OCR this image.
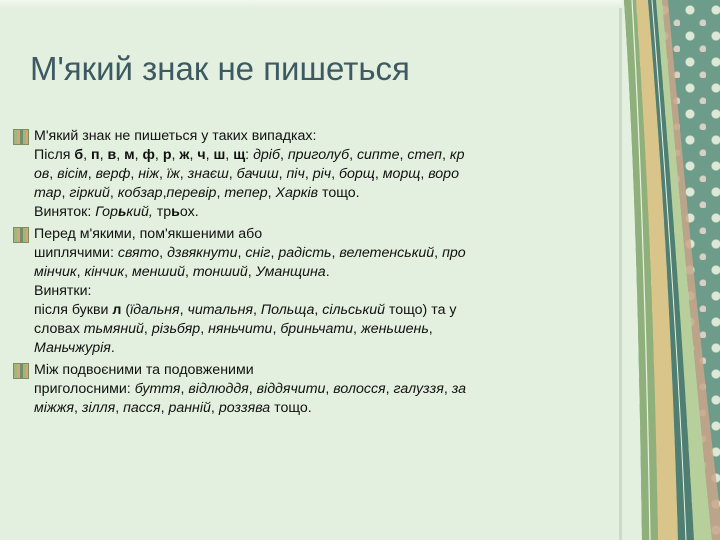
М'який знак не пишеться
М'який знак не пишеться у таких випадках:
Після б, п, в, м, ф, р, ж, ч, ш, щ: дріб, приголуб, сипте, степ, кр
ов, вісім, верф, ніж, їж, знаєш, бачиш, піч, річ, борщ, морщ, воро
тар, гіркий, кобзар,перевір, тепер, Харків тощо.
Виняток: Горький, трьох.
Перед м'якими, пом'якшеними або
шиплячими: свято, дзвякнути, сніг, радість, велетенський, про
мінчик, кінчик, менший, тонший, Уманщина.
Винятки:
після букви л (їдальня, читальня, Польща, сільський тощо) та у
словах тьмяний, різьбяр, няньчити, бриньчати, женьшень,
Маньчжурія.
Між подвоєними та подовженими
приголосними: буття, відлюддя, віддячити, волосся, галуззя, за
міжжя, зілля, пасся, ранній, роззява тощо.
